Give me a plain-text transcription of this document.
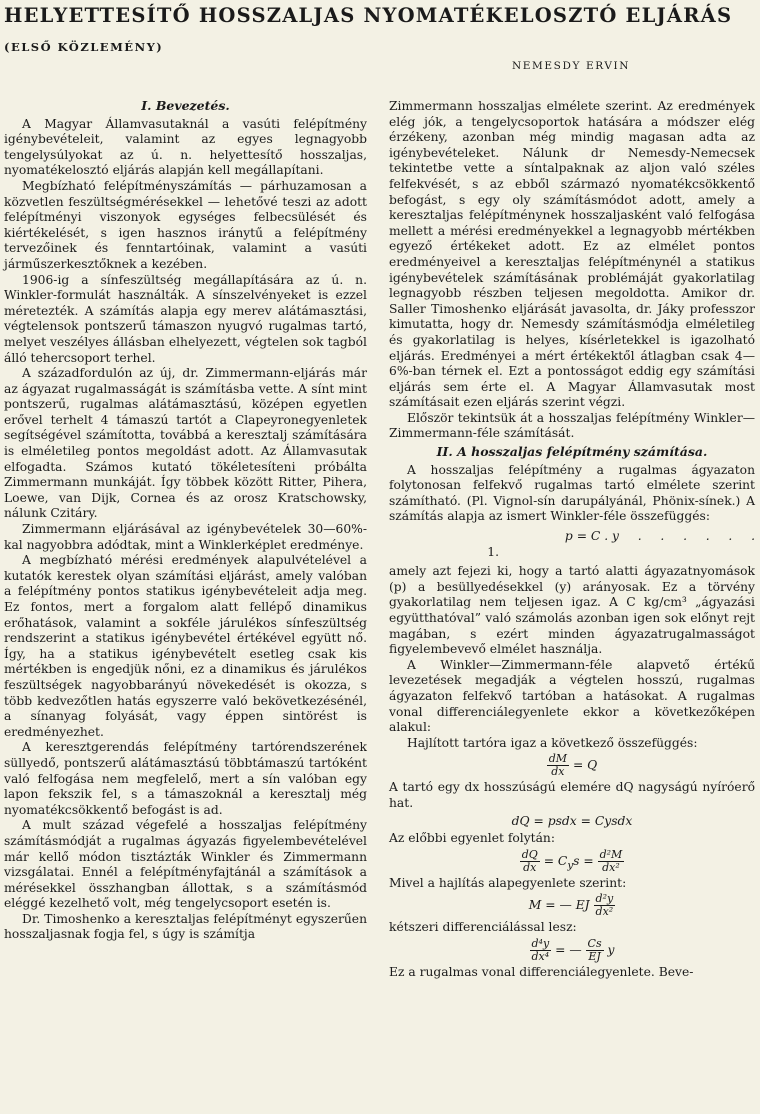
HELYETTESÍTŐ HOSSZALJAS NYOMATÉKELOSZTÓ ELJÁRÁS
(ELSŐ KÖZLEMÉNY)
NEMESDY ERVIN
I. Bevezetés.

A Magyar Államvasutaknál a vasúti felépítmény igénybevételeit, valamint az egyes legnagyobb tengelysúlyokat az ú. n. helyettesítő hosszaljas, nyomatékelosztó eljárás alapján kell megállapítani.

Megbízható felépítményszámítás — párhuzamosan a közvetlen feszültségmérésekkel — lehetővé teszi az adott felépítményi viszonyok egységes felbecsülését és kiértékelését, s igen hasznos iránytű a felépítmény tervezőinek és fenntartóinak, valamint a vasúti járműszerkesztőknek a kezében.

1906-ig a sínfeszültség megállapítására az ú. n. Winkler-formulát használták. A sínszelvényeket is ezzel méretezték. A számítás alapja egy merev alátámasztási, végtelensok pontszerű támaszon nyugvó rugalmas tartó, melyet veszélyes állásban elhelyezett, végtelen sok tagból álló tehercsoport terhel.

A századfordulón az új, dr. Zimmermann-eljárás már az ágyazat rugalmasságát is számításba vette. A sínt mint pontszerű, rugalmas alátámasztású, középen egyetlen erővel terhelt 4 támaszú tartót a Clapeyronegyenletek segítségével számította, továbbá a keresztalj számítására is elméletileg pontos megoldást adott. Az Államvasutak elfogadta. Számos kutató tökéletesíteni próbálta Zimmermann munkáját. Így többek között Ritter, Pihera, Loewe, van Dijk, Cornea és az orosz Kratschowsky, nálunk Czitáry.

Zimmermann eljárásával az igénybevételek 30—60%-kal nagyobbra adódtak, mint a Winklerképlet eredménye.

A megbízható mérési eredmények alapulvételével a kutatók kerestek olyan számítási eljárást, amely valóban a felépítmény pontos statikus igénybevételeit adja meg. Ez fontos, mert a forgalom alatt fellépő dinamikus erőhatások, valamint a sokféle járulékos sínfeszültség rendszerint a statikus igénybevétel értékével együtt nő. Így, ha a statikus igénybevételt esetleg csak kis mértékben is engedjük nőni, ez a dinamikus és járulékos feszültségek nagyobbarányú növekedését is okozza, s több kedvezőtlen hatás egyszerre való bekövetkezésénél, a sínanyag folyását, vagy éppen sintörést is eredményezhet.

A keresztgerendás felépítmény tartórendszerének süllyedő, pontszerű alátámasztású többtámaszú tartóként való felfogása nem megfelelő, mert a sín valóban egy lapon fekszik fel, s a támaszoknál a keresztalj még nyomatékcsökkentő befogást is ad.

A mult század végefelé a hosszaljas felépítmény számításmódját a rugalmas ágyazás figyelembevételével már kellő módon tisztázták Winkler és Zimmermann vizsgálatai. Ennél a felépítményfajtánál a számítások a mérésekkel összhangban állottak, s a számításmód eléggé kezelhető volt, még tengelycsoport esetén is.

Dr. Timoshenko a keresztaljas felépítményt egyszerűen hosszaljasnak fogja fel, s úgy is számítja

Zimmermann hosszaljas elmélete szerint. Az eredmények elég jók, a tengelycsoportok hatására a módszer elég érzékeny, azonban még mindig magasan adta az igénybevételeket. Nálunk dr Nemesdy-Nemecsek tekintetbe vette a síntalpaknak az aljon való széles felfekvését, s az ebből származó nyomatékcsökkentő befogást, s egy oly számításmódot adott, amely a keresztaljas felépítménynek hosszaljasként való felfogása mellett a mérési eredményekkel a legnagyobb mértékben egyező értékeket adott. Ez az elmélet pontos eredményeivel a keresztaljas felépítménynél a statikus igénybevételek számításának problémáját gyakorlatilag legnagyobb részben teljesen megoldotta. Amikor dr. Saller Timoshenko eljárását javasolta, dr. Jáky professzor kimutatta, hogy dr. Nemesdy számításmódja elméletileg és gyakorlatilag is helyes, kísérletekkel is igazolható eljárás. Eredményei a mért értékektől átlagban csak 4—6%-ban térnek el. Ezt a pontosságot eddig egy számítási eljárás sem érte el. A Magyar Államvasutak most számításait ezen eljárás szerint végzi.

Először tekintsük át a hosszaljas felépítmény Winkler—Zimmermann-féle számítását.

II. A hosszaljas felépítmény számítása.

A hosszaljas felépítmény a rugalmas ágyazaton folytonosan felfekvő rugalmas tartó elmélete szerint számítható. (Pl. Vignol-sín darupályánál, Phönix-sínek.) A számítás alapja az ismert Winkler-féle összefüggés:

p = C . y . . . . . . 1.

amely azt fejezi ki, hogy a tartó alatti ágyazatnyomások (p) a besüllyedésekkel (y) arányosak. Ez a törvény gyakorlatilag nem teljesen igaz. A C kg/cm³ „ágyazási együtthatóval” való számolás azonban igen sok előnyt rejt magában, s ezért minden ágyazatrugalmasságot figyelembevevő elmélet használja.

A Winkler—Zimmermann-féle alapvető értékű levezetések megadják a végtelen hosszú, rugalmas ágyazaton felfekvő tartóban a hatásokat. A rugalmas vonal differenciálegyenlete ekkor a következőképen alakul:

Hajlított tartóra igaz a következő összefüggés:

$\frac{dM}{dx} = Q$

A tartó egy dx hosszúságú elemére dQ nagyságú nyíróerő hat.

dQ = psdx = Cysdx

Az előbbi egyenlet folytán:

$\frac{dQ}{dx} = C_ys = \frac{\text{d²M}}{\text{dx²}}$

Mivel a hajlítás alapegyenlete szerint:

M = — EJ $\frac{\text{d²y}}{\text{dx²}}$

kétszeri differenciálással lesz:

$\frac{\text{d⁴y}}{\text{dx⁴}}$ = — $\frac{Cs}{EJ}$ y

Ez a rugalmas vonal differenciálegyenlete. Beve-
